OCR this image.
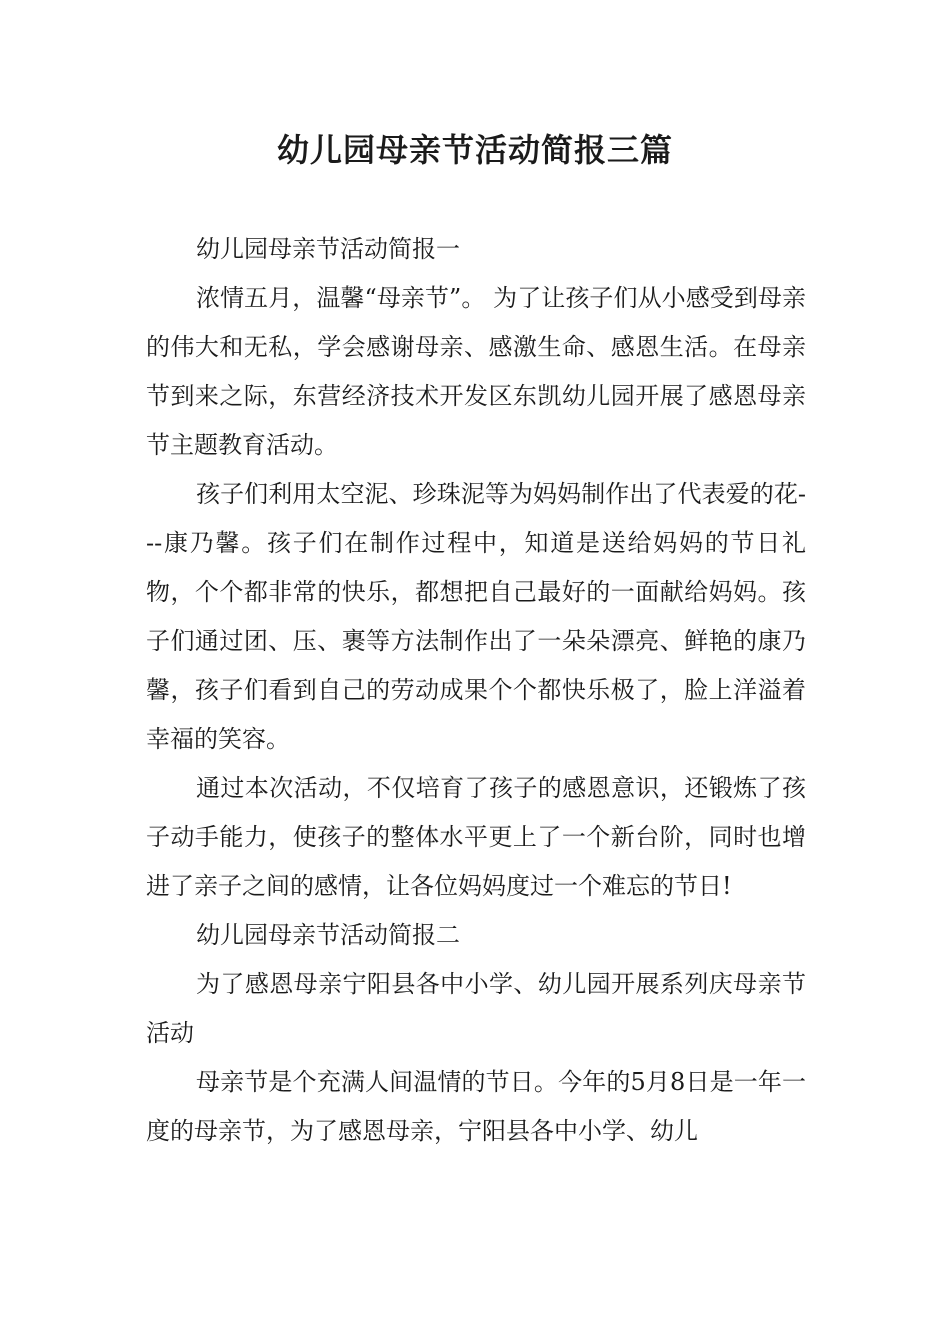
幼儿园母亲节活动简报三篇

幼儿园母亲节活动简报一

浓情五月，温馨“母亲节”。 为了让孩子们从小感受到母亲的伟大和无私，学会感谢母亲、感激生命、感恩生活。在母亲节到来之际，东营经济技术开发区东凯幼儿园开展了感恩母亲节主题教育活动。

孩子们利用太空泥、珍珠泥等为妈妈制作出了代表爱的花---康乃馨。孩子们在制作过程中，知道是送给妈妈的节日礼物，个个都非常的快乐，都想把自己最好的一面献给妈妈。孩子们通过团、压、裹等方法制作出了一朵朵漂亮、鲜艳的康乃馨，孩子们看到自己的劳动成果个个都快乐极了，脸上洋溢着幸福的笑容。

通过本次活动，不仅培育了孩子的感恩意识，还锻炼了孩子动手能力，使孩子的整体水平更上了一个新台阶，同时也增进了亲子之间的感情，让各位妈妈度过一个难忘的节日!

幼儿园母亲节活动简报二

为了感恩母亲宁阳县各中小学、幼儿园开展系列庆母亲节活动

母亲节是个充满人间温情的节日。今年的5月8日是一年一度的母亲节，为了感恩母亲，宁阳县各中小学、幼儿
